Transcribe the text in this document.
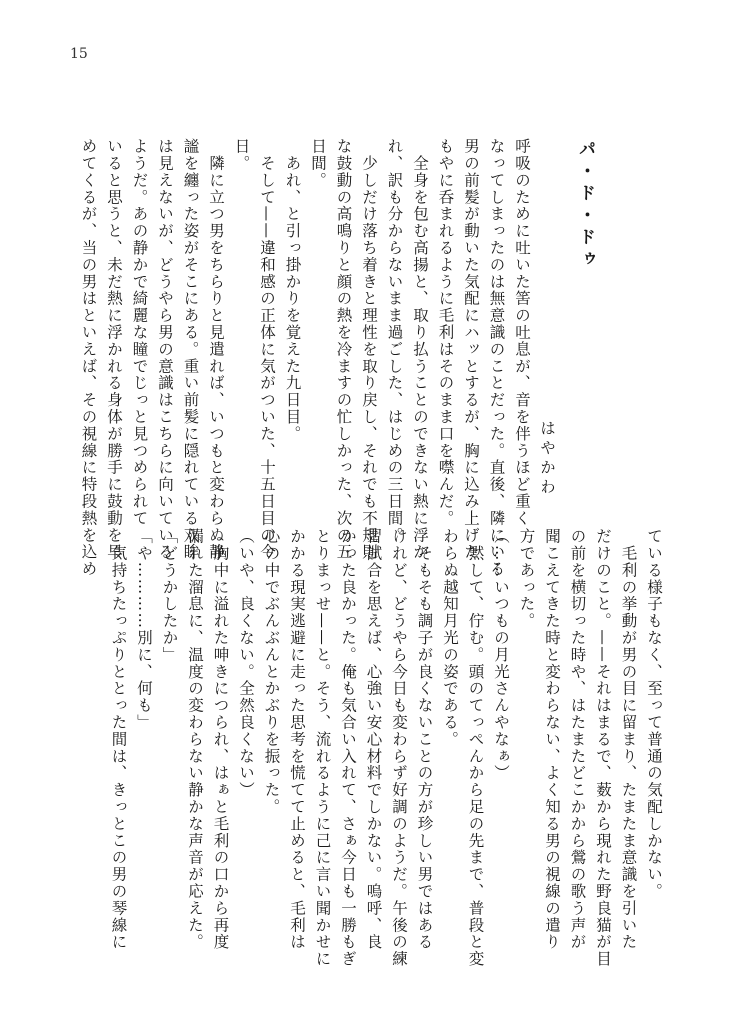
15
パ・ド・ドゥ
はやかわ
呼吸のために吐いた筈の吐息が、音を伴うほど重く
なってしまったのは無意識のことだった。直後、隣にいる
男の前髪が動いた気配にハッとするが、胸に込み上げた
もやに呑まれるように毛利はそのまま口を噤んだ。
　全身を包む高揚と、取り払うことのできない熱に浮か
れ、訳も分からないまま過ごした、はじめの三日間。
　少しだけ落ち着きと理性を取り戻し、それでも不規則
な鼓動の高鳴りと顔の熱を冷ますの忙しかった、次の五
日間。
　あれ、と引っ掛かりを覚えた九日目。
　そして——違和感の正体に気がついた、十五日目の今
日。
　隣に立つ男をちらりと見遣れば、いつもと変わらぬ静
謐を纏った姿がそこにある。重い前髪に隠れている双眸
は見えないが、どうやら男の意識はこちらに向いている
ようだ。あの静かで綺麗な瞳でじっと見つめられて
いると思うと、未だ熱に浮かれる身体が勝手に鼓動を早
めてくるが、当の男はといえば、その視線に特段熱を込め
ている様子もなく、至って普通の気配しかない。
　毛利の挙動が男の目に留まり、たまたま意識を引いた
だけのこと。——それはまるで、薮から現れた野良猫が目
の前を横切った時や、はたまたどこかから鶯の歌う声が
聞こえてきた時と変わらない、よく知る男の視線の遣り
方であった。
（……いつもの月光さんやなぁ）
　黙して、佇む。頭のてっぺんから足の先まで、普段と変
わらぬ越知月光の姿である。
　そもそも調子が良くないことの方が珍しい男ではある
けれど、どうやら今日も変わらず好調のようだ。午後の練
習試合を思えば、心強い安心材料でしかない。嗚呼、良
かった良かった。俺も気合い入れて、さぁ今日も一勝もぎ
とりまっせ——と。そう、流れるように己に言い聞かせに
かかる現実逃避に走った思考を慌てて止めると、毛利は
心の中でぶんぶんとかぶりを振った。
（いや、良くない。全然良くない）
　胸中に溢れた呻きにつられ、はぁと毛利の口から再度
漏れた溜息に、温度の変わらない静かな声音が応えた。
「どうかしたか」
「や…………別に、何も」
　気持ちたっぷりととった間は、きっとこの男の琴線に
